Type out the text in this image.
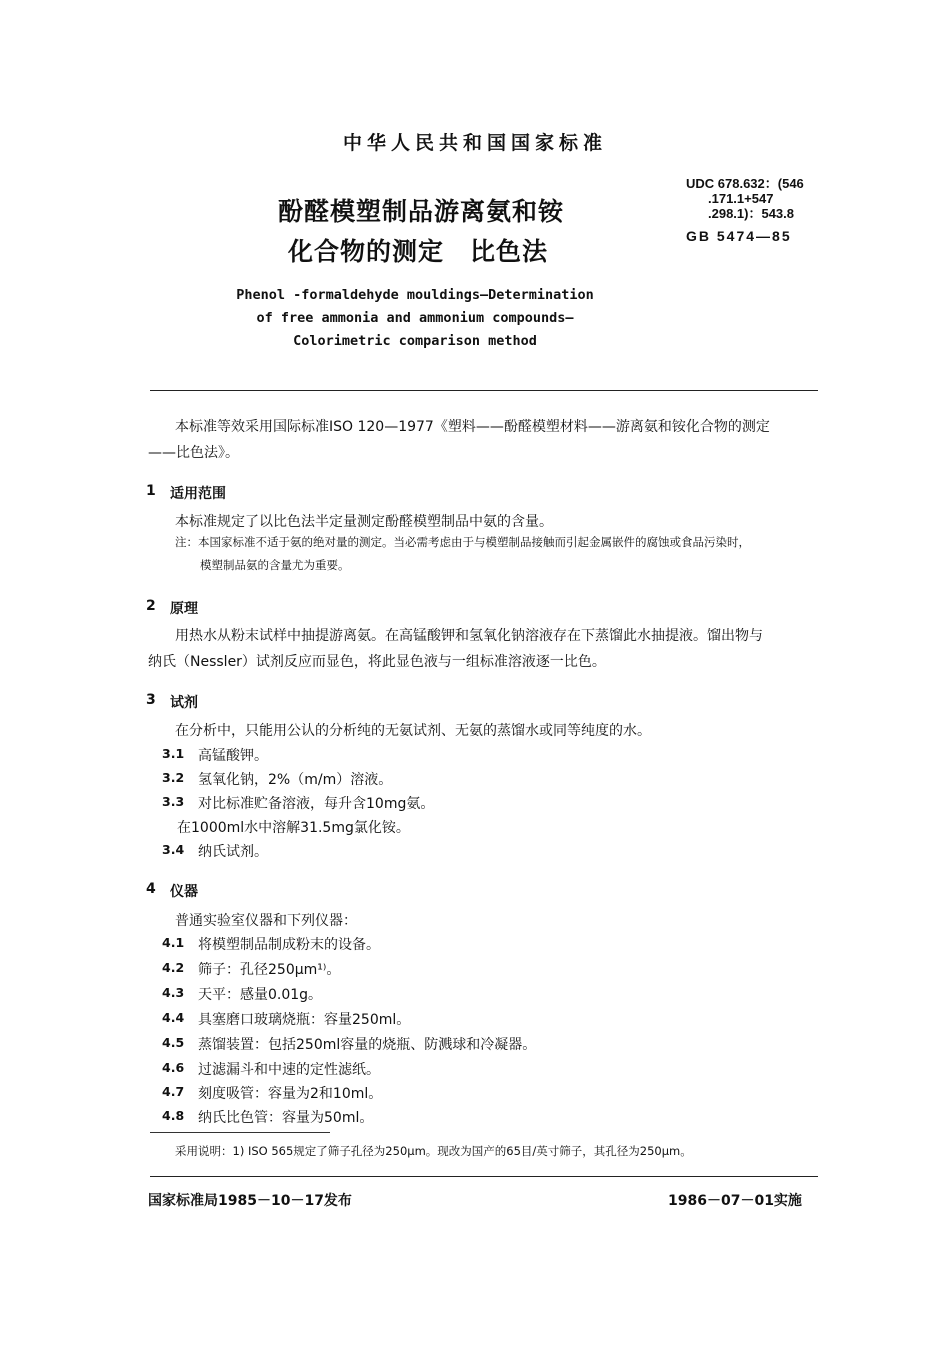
中华人民共和国国家标准
酚醛模塑制品游离氨和铵
化合物的测定　比色法
UDC 678.632：(546
.171.1+547
.298.1)：543.8
GB 5474—85
Phenol -formaldehyde mouldings—Determination
of free ammonia and ammonium compounds—
Colorimetric comparison method
本标准等效采用国际标准ISO 120—1977《塑料——酚醛模塑材料——游离氨和铵化合物的测定
——比色法》。
1 适用范围
本标准规定了以比色法半定量测定酚醛模塑制品中氨的含量。
注：本国家标准不适于氨的绝对量的测定。当必需考虑由于与模塑制品接触而引起金属嵌件的腐蚀或食品污染时，
模塑制品氨的含量尤为重要。
2 原理
用热水从粉末试样中抽提游离氨。在高锰酸钾和氢氧化钠溶液存在下蒸馏此水抽提液。馏出物与
纳氏（Nessler）试剂反应而显色，将此显色液与一组标准溶液逐一比色。
3 试剂
在分析中，只能用公认的分析纯的无氨试剂、无氨的蒸馏水或同等纯度的水。
3.1 高锰酸钾。
3.2 氢氧化钠，2%（m/m）溶液。
3.3 对比标准贮备溶液，每升含10mg氨。
在1000ml水中溶解31.5mg氯化铵。
3.4 纳氏试剂。
4 仪器
普通实验室仪器和下列仪器：
4.1 将模塑制品制成粉末的设备。
4.2 筛子：孔径250μm¹⁾。
4.3 天平：感量0.01g。
4.4 具塞磨口玻璃烧瓶：容量250ml。
4.5 蒸馏装置：包括250ml容量的烧瓶、防溅球和冷凝器。
4.6 过滤漏斗和中速的定性滤纸。
4.7 刻度吸管：容量为2和10ml。
4.8 纳氏比色管：容量为50ml。
采用说明：1) ISO 565规定了筛子孔径为250μm。现改为国产的65目/英寸筛子，其孔径为250μm。
国家标准局1985－10－17发布	1986－07－01实施
